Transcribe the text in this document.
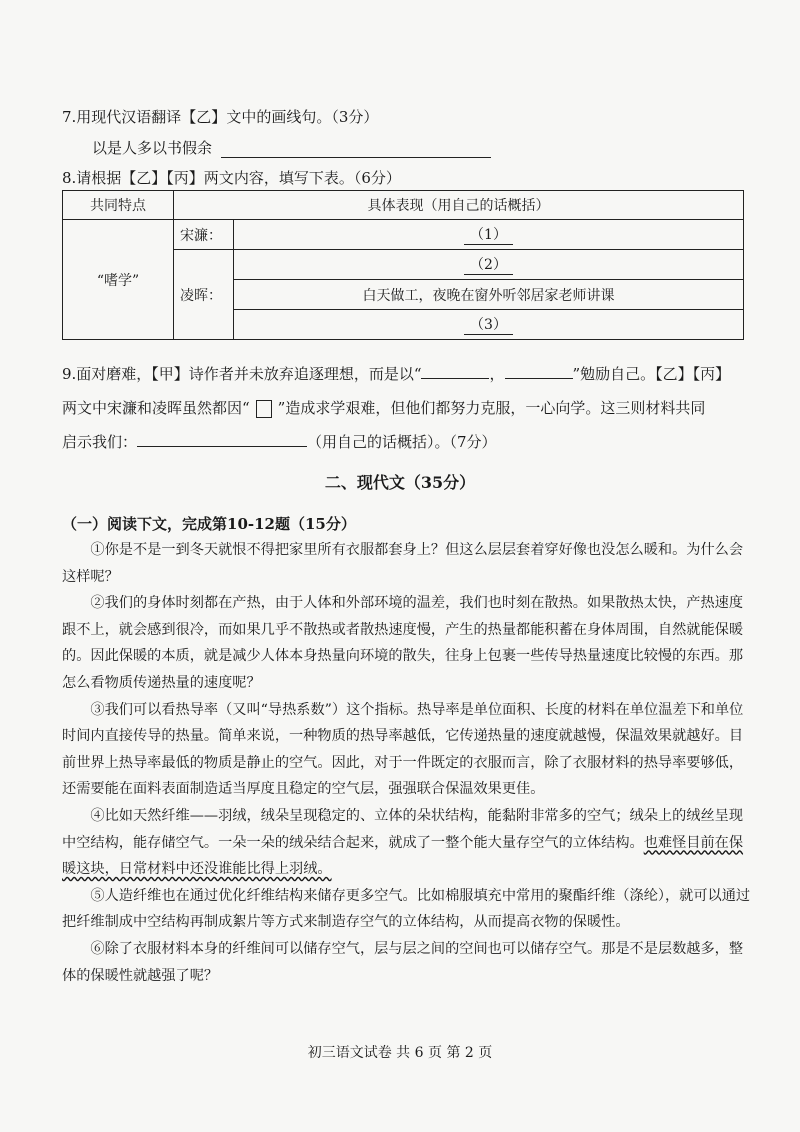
7.用现代汉语翻译【乙】文中的画线句。（3分）
以是人多以书假余
8.请根据【乙】【丙】两文内容，填写下表。（6分）
共同特点	具体表现（用自己的话概括）	
“嗜学”	宋濂：	（1）
	凌晖：	（2）
		白天做工，夜晚在窗外听邻居家老师讲课
		（3）
9.面对磨难，【甲】诗作者并未放弃追逐理想，而是以“	，	”勉励自己。【乙】【丙】
两文中宋濂和凌晖虽然都因“ ”造成求学艰难，但他们都努力克服，一心向学。这三则材料共同
启示我们：	（用自己的话概括）。（7分）
二、现代文（35分）
（一）阅读下文，完成第10-12题（15分）

①你是不是一到冬天就恨不得把家里所有衣服都套身上？但这么层层套着穿好像也没怎么暖和。为什么会这样呢？

②我们的身体时刻都在产热，由于人体和外部环境的温差，我们也时刻在散热。如果散热太快，产热速度跟不上，就会感到很冷，而如果几乎不散热或者散热速度慢，产生的热量都能积蓄在身体周围，自然就能保暖的。因此保暖的本质，就是减少人体本身热量向环境的散失，往身上包裹一些传导热量速度比较慢的东西。那怎么看物质传递热量的速度呢？

③我们可以看热导率（又叫“导热系数”）这个指标。热导率是单位面积、长度的材料在单位温差下和单位时间内直接传导的热量。简单来说，一种物质的热导率越低，它传递热量的速度就越慢，保温效果就越好。目前世界上热导率最低的物质是静止的空气。因此，对于一件既定的衣服而言，除了衣服材料的热导率要够低，还需要能在面料表面制造适当厚度且稳定的空气层，强强联合保温效果更佳。

④比如天然纤维——羽绒，绒朵呈现稳定的、立体的朵状结构，能黏附非常多的空气；绒朵上的绒丝呈现中空结构，能存储空气。一朵一朵的绒朵结合起来，就成了一整个能大量存空气的立体结构。也难怪目前在保暖这块，日常材料中还没谁能比得上羽绒。

⑤人造纤维也在通过优化纤维结构来储存更多空气。比如棉服填充中常用的聚酯纤维（涤纶），就可以通过把纤维制成中空结构再制成絮片等方式来制造存空气的立体结构，从而提高衣物的保暖性。

⑥除了衣服材料本身的纤维间可以储存空气，层与层之间的空间也可以储存空气。那是不是层数越多，整体的保暖性就越强了呢？

初三语文试卷 共 6 页 第 2 页
